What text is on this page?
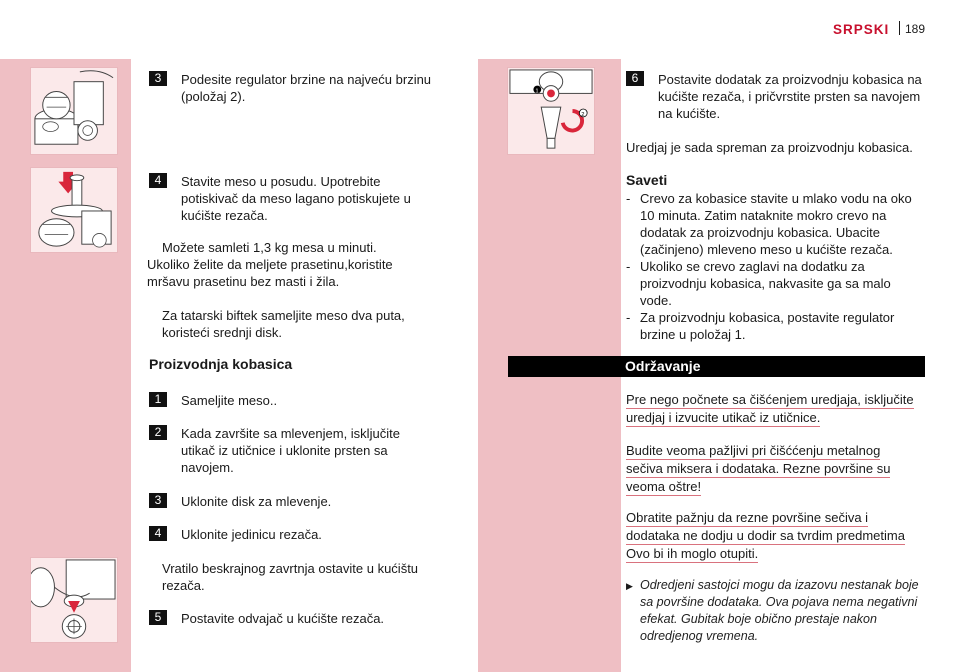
SRPSKI 189
1
2
3	Podesite regulator brzine na najveću brzinu (položaj 2).
4	Stavite meso u posudu. Upotrebite potiskivač da meso lagano potiskujete u kućište rezača.
Možete samleti 1,3 kg mesa u minuti.
Ukoliko želite da meljete prasetinu,koristite
mršavu prasetinu bez masti i žila.
Za tatarski biftek sameljite meso dva puta, koristeći srednji disk.
Proizvodnja kobasica
1	Sameljite meso..
2	Kada završite sa mlevenjem, isključite utikač iz utičnice i uklonite prsten sa navojem.
3	Uklonite disk za mlevenje.
4	Uklonite jedinicu rezača.
Vratilo beskrajnog zavrtnja ostavite u kućištu rezača.
5	Postavite odvajač u kućište rezača.
6	Postavite dodatak za proizvodnju kobasica na kućište rezača, i pričvrstite prsten sa navojem na kućište.
Uredjaj je sada spreman za proizvodnju kobasica.
Saveti
- Crevo za kobasice stavite u mlako vodu na oko 10 minuta. Zatim nataknite mokro crevo na dodatak za proizvodnju kobasica. Ubacite (začinjeno) mleveno meso u kućište rezača.
- Ukoliko se crevo zaglavi na dodatku za proizvodnju kobasica, nakvasite ga sa malo vode.
- Za proizvodnju kobasica, postavite regulator brzine u položaj 1.
Održavanje
Pre nego počnete sa čišćenjem uredjaja, isključite
uredjaj i izvucite utikač iz utičnice.
Budite veoma pažljivi pri čišććenju metalnog
sečiva miksera i dodataka. Rezne površine su
veoma oštre!
Obratite pažnju da rezne površine sečiva i
dodataka ne dodju u dodir sa tvrdim predmetima
Ovo bi ih moglo otupiti.
▶ Odredjeni sastojci mogu da izazovu nestanak boje sa površine dodataka. Ova pojava nema negativni efekat. Gubitak boje obično prestaje nakon odredjenog vremena.
